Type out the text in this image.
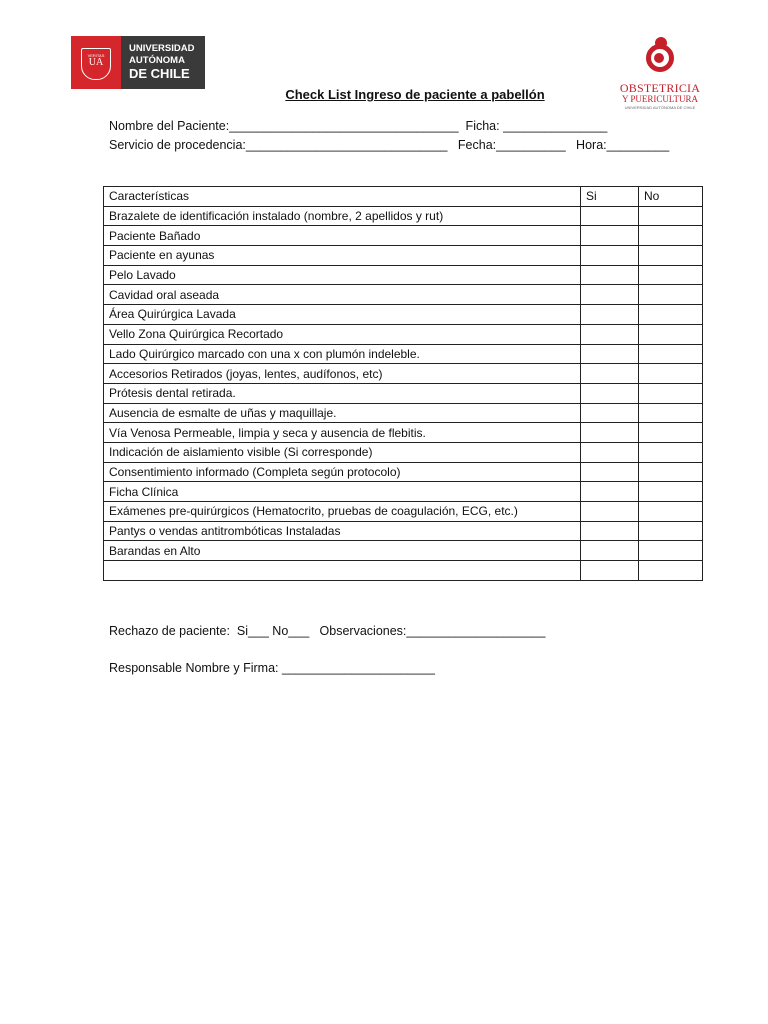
VERITAS
UA
UNIVERSIDAD
AUTÓNOMA
DE CHILE
OBSTETRICIA
Y PUERICULTURA
UNIVERSIDAD AUTÓNOMA DE CHILE
Check List Ingreso de paciente a pabellón
Nombre del Paciente:_________________________________  Ficha: _______________
Servicio de procedencia:_____________________________   Fecha:__________   Hora:_________
Características	Si	No
Brazalete de identificación instalado (nombre, 2 apellidos y rut)		
Paciente Bañado		
Paciente en ayunas		
Pelo Lavado		
Cavidad oral aseada		
Área Quirúrgica Lavada		
Vello Zona Quirúrgica Recortado		
Lado Quirúrgico marcado con una x con plumón indeleble.		
Accesorios Retirados (joyas, lentes, audífonos, etc)		
Prótesis dental retirada.		
Ausencia de esmalte de uñas y maquillaje.		
Vía Venosa Permeable, limpia y seca y ausencia de flebitis.		
Indicación de aislamiento visible (Si corresponde)		
Consentimiento informado (Completa según protocolo)		
Ficha Clínica		
Exámenes pre-quirúrgicos (Hematocrito, pruebas de coagulación, ECG, etc.)		
Pantys o vendas antitrombóticas Instaladas		
Barandas en Alto		

Rechazo de paciente:  Si___ No___   Observaciones:____________________
Responsable Nombre y Firma: ______________________
